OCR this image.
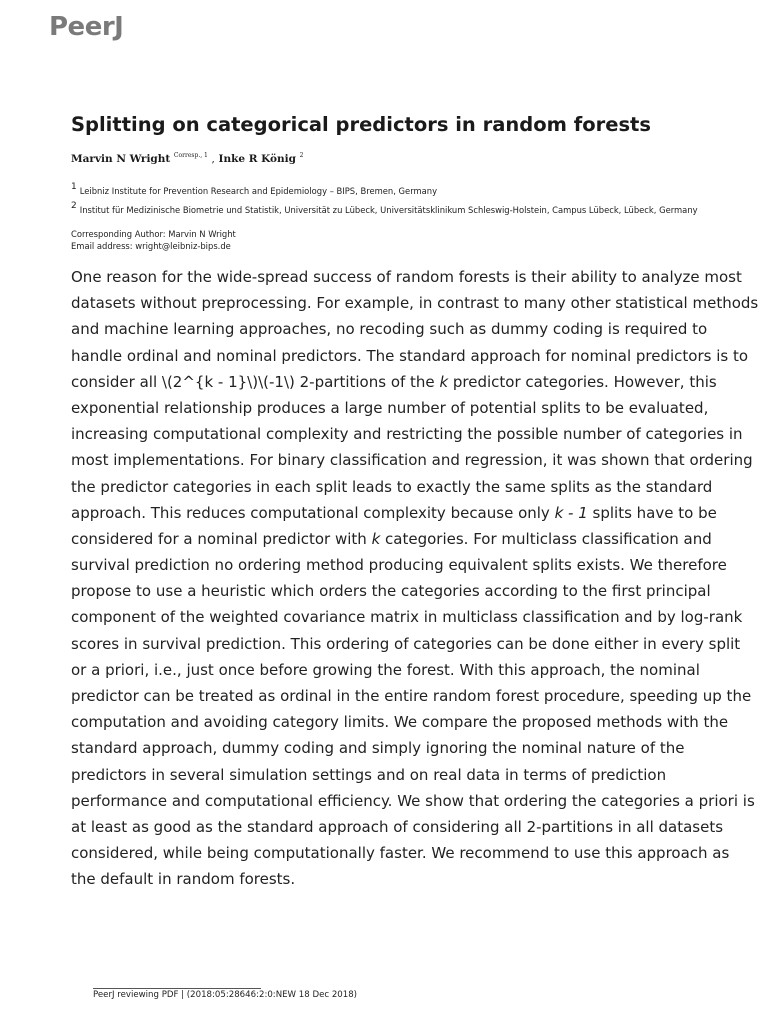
PeerJ
Splitting on categorical predictors in random forests
Marvin N Wright $^{Corresp., 1}$ , Inke R König $^2$
1 Leibniz Institute for Prevention Research and Epidemiology – BIPS, Bremen, Germany
2 Institut für Medizinische Biometrie und Statistik, Universität zu Lübeck, Universitätsklinikum Schleswig-Holstein, Campus Lübeck, Lübeck, Germany
Corresponding Author: Marvin N Wright
Email address: wright@leibniz-bips.de
One reason for the wide-spread success of random forests is their ability to analyze most
datasets without preprocessing. For example, in contrast to many other statistical methods
and machine learning approaches, no recoding such as dummy coding is required to
handle ordinal and nominal predictors. The standard approach for nominal predictors is to
consider all \(2^{k - 1}\)\(-1\) 2-partitions of the k predictor categories. However, this
exponential relationship produces a large number of potential splits to be evaluated,
increasing computational complexity and restricting the possible number of categories in
most implementations. For binary classification and regression, it was shown that ordering
the predictor categories in each split leads to exactly the same splits as the standard
approach. This reduces computational complexity because only k - 1 splits have to be
considered for a nominal predictor with k categories. For multiclass classification and
survival prediction no ordering method producing equivalent splits exists. We therefore
propose to use a heuristic which orders the categories according to the first principal
component of the weighted covariance matrix in multiclass classification and by log-rank
scores in survival prediction. This ordering of categories can be done either in every split
or a priori, i.e., just once before growing the forest. With this approach, the nominal
predictor can be treated as ordinal in the entire random forest procedure, speeding up the
computation and avoiding category limits. We compare the proposed methods with the
standard approach, dummy coding and simply ignoring the nominal nature of the
predictors in several simulation settings and on real data in terms of prediction
performance and computational efficiency. We show that ordering the categories a priori is
at least as good as the standard approach of considering all 2-partitions in all datasets
considered, while being computationally faster. We recommend to use this approach as
the default in random forests.
PeerJ reviewing PDF | (2018:05:28646:2:0:NEW 18 Dec 2018)
